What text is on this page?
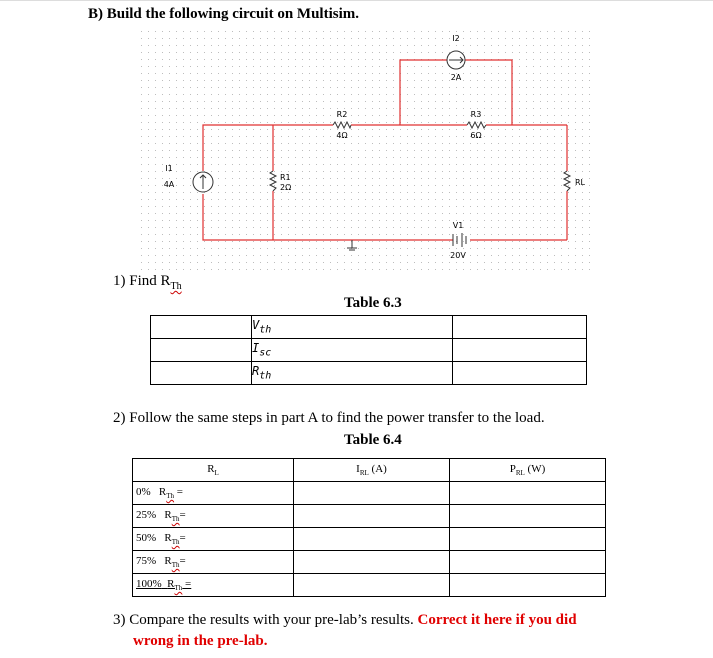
B) Build the following circuit on Multisim.
I2
2A
R2
4Ω
R3
6Ω
I1
4A
R1
2Ω
RL
V1
20V
1) Find $R_{Th}$
Table 6.3
	$V_{th}$	
	$I_{sc}$	
	$R_{th}$	
2) Follow the same steps in part A to find the power transfer to the load.
Table 6.4
$R_L$	$I_{RL}$ (A)	$P_{RL}$ (W)
0% $R_{Th}$ =		
25% $R_{Th}=$		
50% $R_{Th}=$		
75% $R_{Th}=$		
100% $R_{Th}$ =		
3) Compare the results with your pre-lab’s results. Correct it here if you did
wrong in the pre-lab.
